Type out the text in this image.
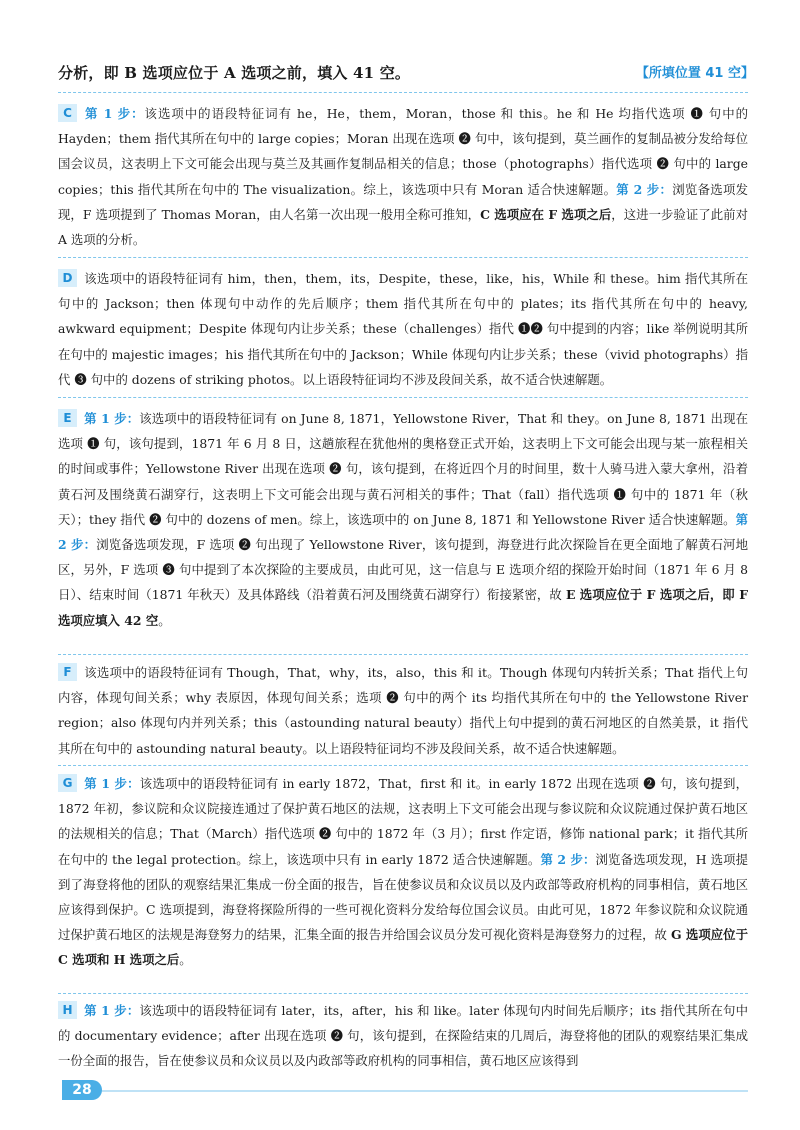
分析，即 B 选项应位于 A 选项之前，填入 41 空。	【所填位置 41 空】
C 第 1 步：该选项中的语段特征词有 he，He，them，Moran，those 和 this。he 和 He 均指代选项 ❶ 句中的 Hayden；them 指代其所在句中的 large copies；Moran 出现在选项 ❷ 句中，该句提到，莫兰画作的复制品被分发给每位国会议员，这表明上下文可能会出现与莫兰及其画作复制品相关的信息；those（photographs）指代选项 ❷ 句中的 large copies；this 指代其所在句中的 The visualization。综上，该选项中只有 Moran 适合快速解题。第 2 步：浏览备选项发现，F 选项提到了 Thomas Moran，由人名第一次出现一般用全称可推知，C 选项应在 F 选项之后，这进一步验证了此前对 A 选项的分析。
D 该选项中的语段特征词有 him，then，them，its，Despite，these，like，his，While 和 these。him 指代其所在句中的 Jackson；then 体现句中动作的先后顺序；them 指代其所在句中的 plates；its 指代其所在句中的 heavy, awkward equipment；Despite 体现句内让步关系；these（challenges）指代 ❶❷ 句中提到的内容；like 举例说明其所在句中的 majestic images；his 指代其所在句中的 Jackson；While 体现句内让步关系；these（vivid photographs）指代 ❸ 句中的 dozens of striking photos。以上语段特征词均不涉及段间关系，故不适合快速解题。
E 第 1 步：该选项中的语段特征词有 on June 8, 1871，Yellowstone River，That 和 they。on June 8, 1871 出现在选项 ❶ 句，该句提到，1871 年 6 月 8 日，这趟旅程在犹他州的奥格登正式开始，这表明上下文可能会出现与某一旅程相关的时间或事件；Yellowstone River 出现在选项 ❷ 句，该句提到，在将近四个月的时间里，数十人骑马进入蒙大拿州，沿着黄石河及围绕黄石湖穿行，这表明上下文可能会出现与黄石河相关的事件；That（fall）指代选项 ❶ 句中的 1871 年（秋天）；they 指代 ❷ 句中的 dozens of men。综上，该选项中的 on June 8, 1871 和 Yellowstone River 适合快速解题。第 2 步：浏览备选项发现，F 选项 ❷ 句出现了 Yellowstone River，该句提到，海登进行此次探险旨在更全面地了解黄石河地区，另外，F 选项 ❸ 句中提到了本次探险的主要成员，由此可见，这一信息与 E 选项介绍的探险开始时间（1871 年 6 月 8 日）、结束时间（1871 年秋天）及具体路线（沿着黄石河及围绕黄石湖穿行）衔接紧密，故 E 选项应位于 F 选项之后，即 F 选项应填入 42 空。
F 该选项中的语段特征词有 Though，That，why，its，also，this 和 it。Though 体现句内转折关系；That 指代上句内容，体现句间关系；why 表原因，体现句间关系；选项 ❷ 句中的两个 its 均指代其所在句中的 the Yellowstone River region；also 体现句内并列关系；this（astounding natural beauty）指代上句中提到的黄石河地区的自然美景，it 指代其所在句中的 astounding natural beauty。以上语段特征词均不涉及段间关系，故不适合快速解题。
G 第 1 步：该选项中的语段特征词有 in early 1872，That，first 和 it。in early 1872 出现在选项 ❷ 句，该句提到，1872 年初，参议院和众议院接连通过了保护黄石地区的法规，这表明上下文可能会出现与参议院和众议院通过保护黄石地区的法规相关的信息；That（March）指代选项 ❷ 句中的 1872 年（3 月）；first 作定语，修饰 national park；it 指代其所在句中的 the legal protection。综上，该选项中只有 in early 1872 适合快速解题。第 2 步：浏览备选项发现，H 选项提到了海登将他的团队的观察结果汇集成一份全面的报告，旨在使参议员和众议员以及内政部等政府机构的同事相信，黄石地区应该得到保护。C 选项提到，海登将探险所得的一些可视化资料分发给每位国会议员。由此可见，1872 年参议院和众议院通过保护黄石地区的法规是海登努力的结果，汇集全面的报告并给国会议员分发可视化资料是海登努力的过程，故 G 选项应位于 C 选项和 H 选项之后。
H 第 1 步：该选项中的语段特征词有 later，its，after，his 和 like。later 体现句内时间先后顺序；its 指代其所在句中的 documentary evidence；after 出现在选项 ❷ 句，该句提到，在探险结束的几周后，海登将他的团队的观察结果汇集成一份全面的报告，旨在使参议员和众议员以及内政部等政府机构的同事相信，黄石地区应该得到
28
